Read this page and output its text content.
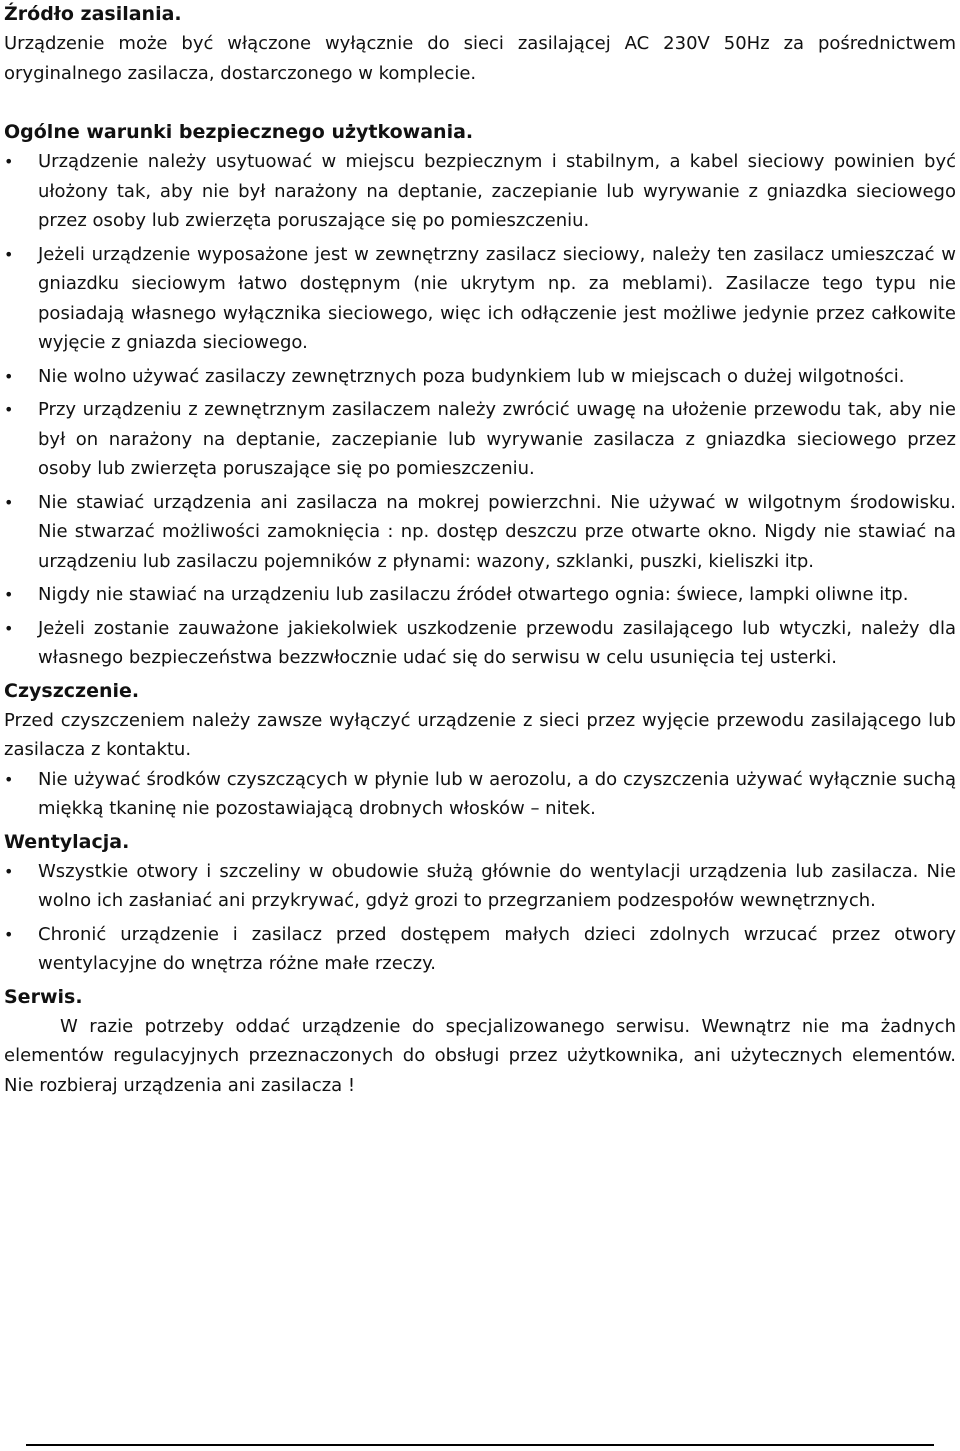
Źródło zasilania.

Urządzenie może być włączone wyłącznie do sieci zasilającej AC 230V 50Hz za pośrednictwem oryginalnego zasilacza, dostarczonego w komplecie.

Ogólne warunki bezpiecznego użytkowania.

•	Urządzenie należy usytuować w miejscu bezpiecznym i stabilnym, a kabel sieciowy powinien być ułożony tak, aby nie był narażony na deptanie, zaczepianie lub wyrywanie z gniazdka sieciowego przez osoby lub zwierzęta poruszające się po pomieszczeniu.
•	Jeżeli urządzenie wyposażone jest w zewnętrzny zasilacz sieciowy, należy ten zasilacz umieszczać w gniazdku sieciowym łatwo dostępnym (nie ukrytym np. za meblami). Zasilacze tego typu nie posiadają własnego wyłącznika sieciowego, więc ich odłączenie jest możliwe jedynie przez całkowite wyjęcie z gniazda sieciowego.
•	Nie wolno używać zasilaczy zewnętrznych poza budynkiem lub w miejscach o dużej wilgotności.
•	Przy urządzeniu z zewnętrznym zasilaczem należy zwrócić uwagę na ułożenie przewodu tak, aby nie był on narażony na deptanie, zaczepianie lub wyrywanie zasilacza z gniazdka sieciowego przez osoby lub zwierzęta poruszające się po pomieszczeniu.
•	Nie stawiać urządzenia ani zasilacza na mokrej powierzchni. Nie używać w wilgotnym środowisku. Nie stwarzać możliwości zamoknięcia : np. dostęp deszczu prze otwarte okno. Nigdy nie stawiać na urządzeniu lub zasilaczu pojemników z płynami: wazony, szklanki, puszki, kieliszki itp.
•	Nigdy nie stawiać na urządzeniu lub zasilaczu źródeł otwartego ognia: świece, lampki oliwne itp.
•	Jeżeli zostanie zauważone jakiekolwiek uszkodzenie przewodu zasilającego lub wtyczki, należy dla własnego bezpieczeństwa bezzwłocznie udać się do serwisu w celu usunięcia tej usterki.

Czyszczenie.

Przed czyszczeniem należy zawsze wyłączyć urządzenie z sieci przez wyjęcie przewodu zasilającego lub zasilacza z kontaktu.

•	Nie używać środków czyszczących w płynie lub w aerozolu, a do czyszczenia używać wyłącznie suchą miękką tkaninę nie pozostawiającą drobnych włosków – nitek.

Wentylacja.

•	Wszystkie otwory i szczeliny w obudowie służą głównie do wentylacji urządzenia lub zasilacza. Nie wolno ich zasłaniać ani przykrywać, gdyż grozi to przegrzaniem podzespołów wewnętrznych.
•	Chronić urządzenie i zasilacz przed dostępem małych dzieci zdolnych wrzucać przez otwory wentylacyjne do wnętrza różne małe rzeczy.

Serwis.

W razie potrzeby oddać urządzenie do specjalizowanego serwisu. Wewnątrz nie ma żadnych elementów regulacyjnych przeznaczonych do obsługi przez użytkownika, ani użytecznych elementów. Nie rozbieraj urządzenia ani zasilacza !
